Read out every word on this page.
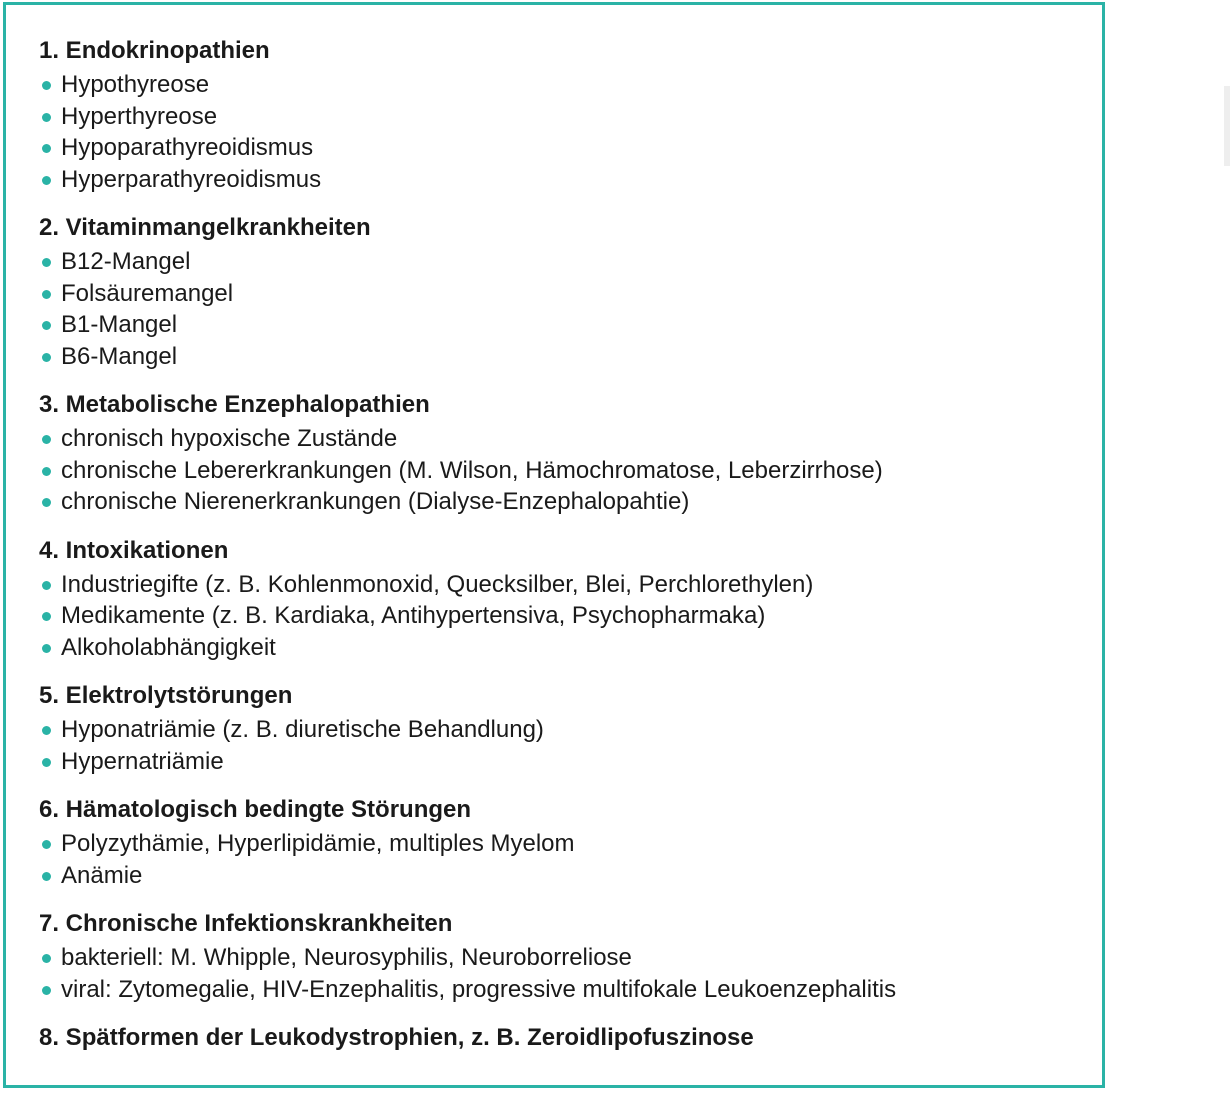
1. Endokrinopathien
Hypothyreose
Hyperthyreose
Hypoparathyreoidismus
Hyperparathyreoidismus
2. Vitaminmangelkrankheiten
B12-Mangel
Folsäuremangel
B1-Mangel
B6-Mangel
3. Metabolische Enzephalopathien
chronisch hypoxische Zustände
chronische Lebererkrankungen (M. Wilson, Hämochromatose, Leberzirrhose)
chronische Nierenerkrankungen (Dialyse-Enzephalopahtie)
4. Intoxikationen
Industriegifte (z. B. Kohlenmonoxid, Quecksilber, Blei, Perchlorethylen)
Medikamente (z. B. Kardiaka, Antihypertensiva, Psychopharmaka)
Alkoholabhängigkeit
5. Elektrolytstörungen
Hyponatriämie (z. B. diuretische Behandlung)
Hypernatriämie
6. Hämatologisch bedingte Störungen
Polyzythämie, Hyperlipidämie, multiples Myelom
Anämie
7. Chronische Infektionskrankheiten
bakteriell: M. Whipple, Neurosyphilis, Neuroborreliose
viral: Zytomegalie, HIV-Enzephalitis, progressive multifokale Leukoenzephalitis
8. Spätformen der Leukodystrophien, z. B. Zeroidlipofuszinose
